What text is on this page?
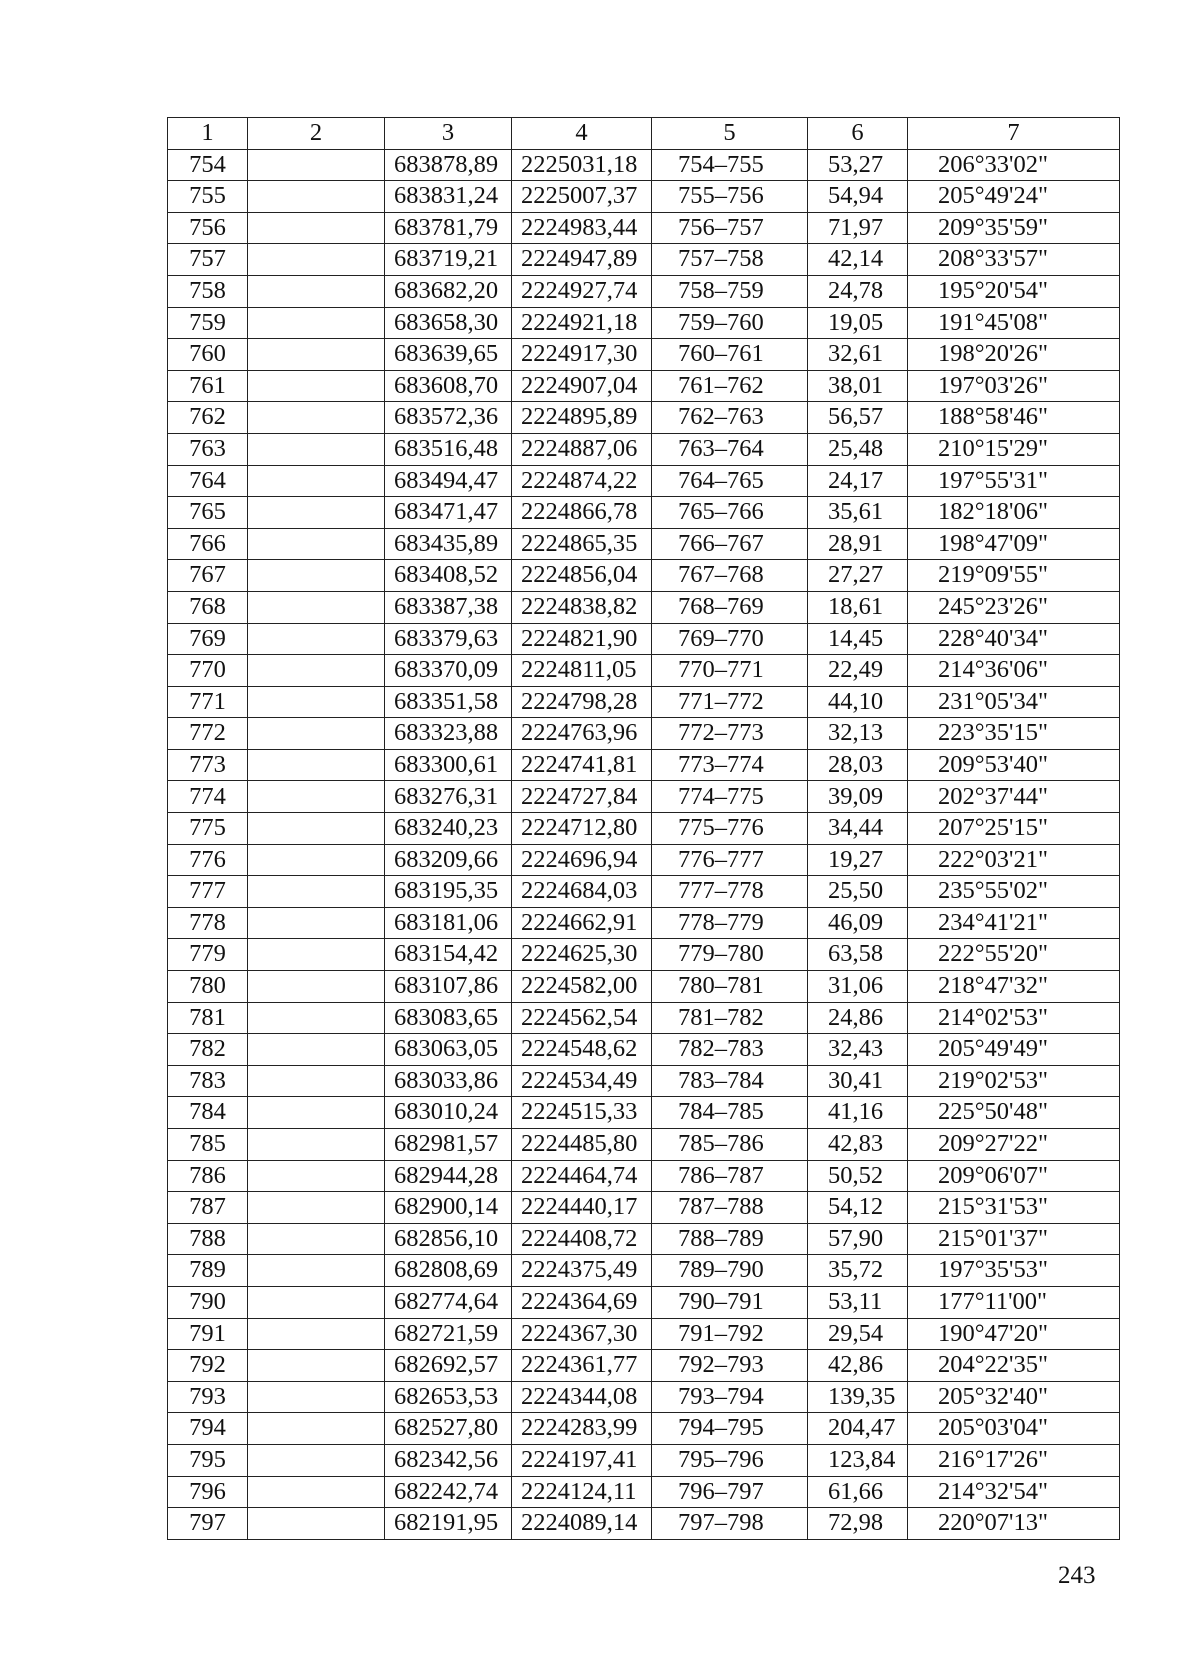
1	2	3	4	5	6	7
754		683878,89	2225031,18	754–755	53,27	206°33'02"
755		683831,24	2225007,37	755–756	54,94	205°49'24"
756		683781,79	2224983,44	756–757	71,97	209°35'59"
757		683719,21	2224947,89	757–758	42,14	208°33'57"
758		683682,20	2224927,74	758–759	24,78	195°20'54"
759		683658,30	2224921,18	759–760	19,05	191°45'08"
760		683639,65	2224917,30	760–761	32,61	198°20'26"
761		683608,70	2224907,04	761–762	38,01	197°03'26"
762		683572,36	2224895,89	762–763	56,57	188°58'46"
763		683516,48	2224887,06	763–764	25,48	210°15'29"
764		683494,47	2224874,22	764–765	24,17	197°55'31"
765		683471,47	2224866,78	765–766	35,61	182°18'06"
766		683435,89	2224865,35	766–767	28,91	198°47'09"
767		683408,52	2224856,04	767–768	27,27	219°09'55"
768		683387,38	2224838,82	768–769	18,61	245°23'26"
769		683379,63	2224821,90	769–770	14,45	228°40'34"
770		683370,09	2224811,05	770–771	22,49	214°36'06"
771		683351,58	2224798,28	771–772	44,10	231°05'34"
772		683323,88	2224763,96	772–773	32,13	223°35'15"
773		683300,61	2224741,81	773–774	28,03	209°53'40"
774		683276,31	2224727,84	774–775	39,09	202°37'44"
775		683240,23	2224712,80	775–776	34,44	207°25'15"
776		683209,66	2224696,94	776–777	19,27	222°03'21"
777		683195,35	2224684,03	777–778	25,50	235°55'02"
778		683181,06	2224662,91	778–779	46,09	234°41'21"
779		683154,42	2224625,30	779–780	63,58	222°55'20"
780		683107,86	2224582,00	780–781	31,06	218°47'32"
781		683083,65	2224562,54	781–782	24,86	214°02'53"
782		683063,05	2224548,62	782–783	32,43	205°49'49"
783		683033,86	2224534,49	783–784	30,41	219°02'53"
784		683010,24	2224515,33	784–785	41,16	225°50'48"
785		682981,57	2224485,80	785–786	42,83	209°27'22"
786		682944,28	2224464,74	786–787	50,52	209°06'07"
787		682900,14	2224440,17	787–788	54,12	215°31'53"
788		682856,10	2224408,72	788–789	57,90	215°01'37"
789		682808,69	2224375,49	789–790	35,72	197°35'53"
790		682774,64	2224364,69	790–791	53,11	177°11'00"
791		682721,59	2224367,30	791–792	29,54	190°47'20"
792		682692,57	2224361,77	792–793	42,86	204°22'35"
793		682653,53	2224344,08	793–794	139,35	205°32'40"
794		682527,80	2224283,99	794–795	204,47	205°03'04"
795		682342,56	2224197,41	795–796	123,84	216°17'26"
796		682242,74	2224124,11	796–797	61,66	214°32'54"
797		682191,95	2224089,14	797–798	72,98	220°07'13"
243
